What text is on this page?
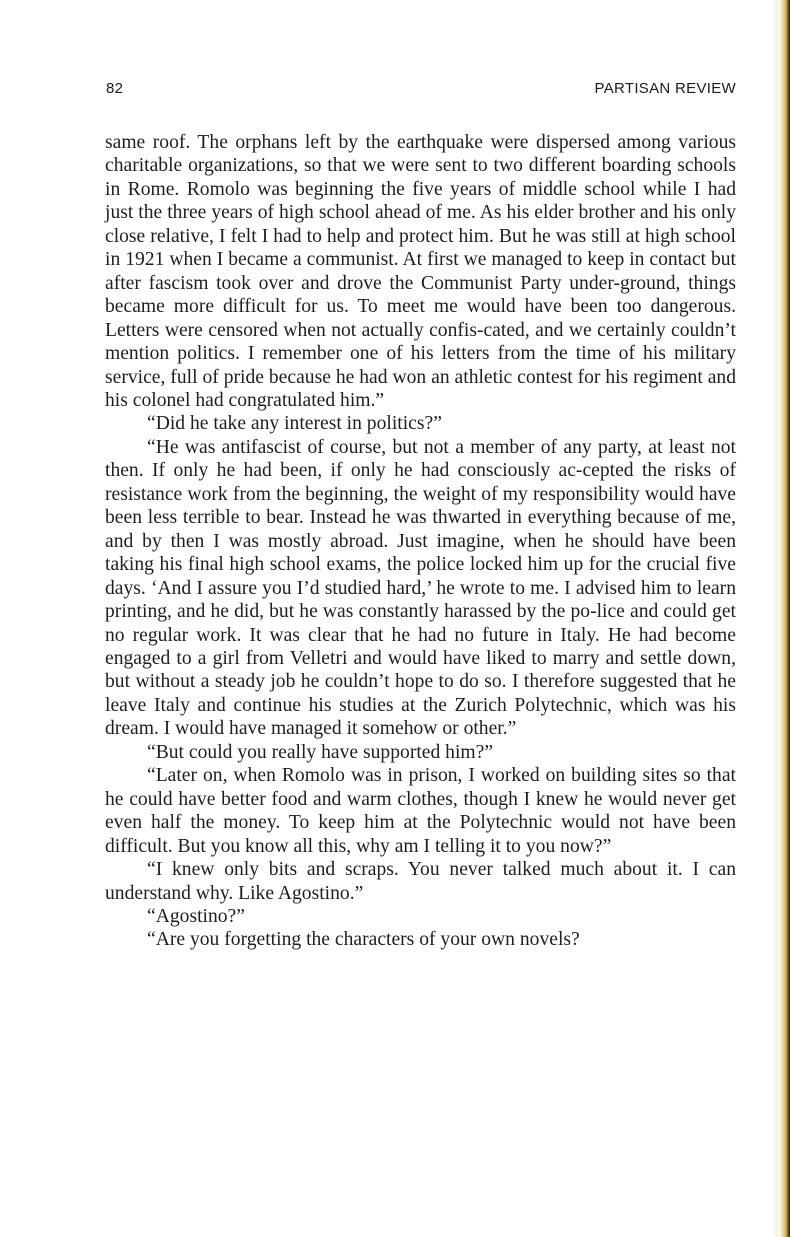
82	PARTISAN REVIEW

same roof. The orphans left by the earthquake were dispersed among various charitable organizations, so that we were sent to two different boarding schools in Rome. Romolo was beginning the five years of middle school while I had just the three years of high school ahead of me. As his elder brother and his only close relative, I felt I had to help and protect him. But he was still at high school in 1921 when I became a communist. At first we managed to keep in contact but after fascism took over and drove the Communist Party under-ground, things became more difficult for us. To meet me would have been too dangerous. Letters were censored when not actually confis-cated, and we certainly couldn’t mention politics. I remember one of his letters from the time of his military service, full of pride because he had won an athletic contest for his regiment and his colonel had congratulated him.”

“Did he take any interest in politics?”

“He was antifascist of course, but not a member of any party, at least not then. If only he had been, if only he had consciously ac-cepted the risks of resistance work from the beginning, the weight of my responsibility would have been less terrible to bear. Instead he was thwarted in everything because of me, and by then I was mostly abroad. Just imagine, when he should have been taking his final high school exams, the police locked him up for the crucial five days. ‘And I assure you I’d studied hard,’ he wrote to me. I advised him to learn printing, and he did, but he was constantly harassed by the po-lice and could get no regular work. It was clear that he had no future in Italy. He had become engaged to a girl from Velletri and would have liked to marry and settle down, but without a steady job he couldn’t hope to do so. I therefore suggested that he leave Italy and continue his studies at the Zurich Polytechnic, which was his dream. I would have managed it somehow or other.”

“But could you really have supported him?”

“Later on, when Romolo was in prison, I worked on building sites so that he could have better food and warm clothes, though I knew he would never get even half the money. To keep him at the Polytechnic would not have been difficult. But you know all this, why am I telling it to you now?”

“I knew only bits and scraps. You never talked much about it. I can understand why. Like Agostino.”

“Agostino?”

“Are you forgetting the characters of your own novels?
